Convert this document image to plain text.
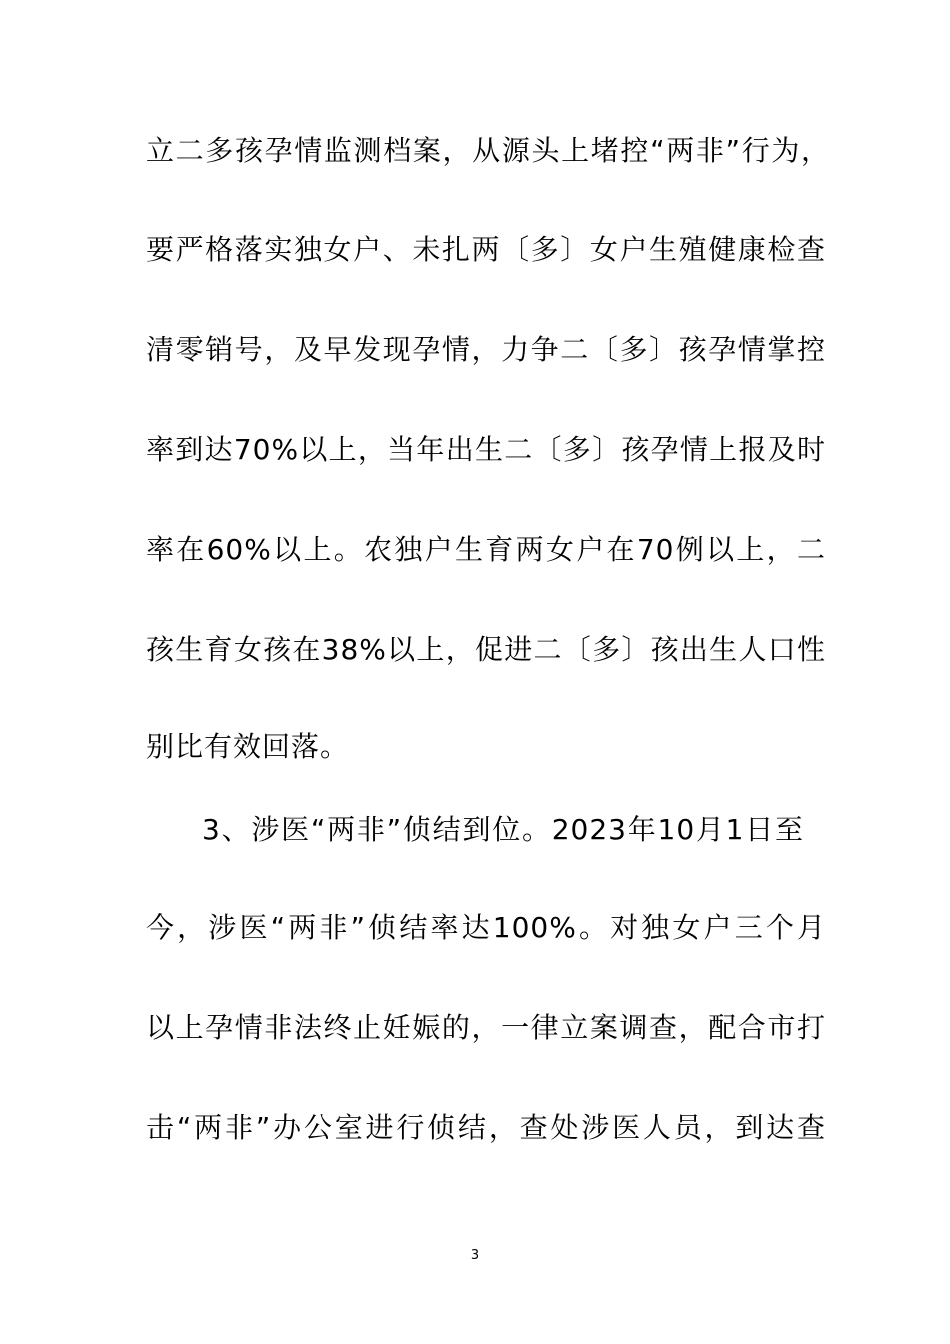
立二多孩孕情监测档案，从源头上堵控“两非”行为，
要严格落实独女户、未扎两〔多〕女户生殖健康检查
清零销号，及早发现孕情，力争二〔多〕孩孕情掌控
率到达70%以上，当年出生二〔多〕孩孕情上报及时
率在60%以上。农独户生育两女户在70例以上，二
孩生育女孩在38%以上，促进二〔多〕孩出生人口性
别比有效回落。
3、涉医“两非”侦结到位。2023年10月1日至
今，涉医“两非”侦结率达100%。对独女户三个月
以上孕情非法终止妊娠的，一律立案调查，配合市打
击“两非”办公室进行侦结，查处涉医人员，到达查
3
